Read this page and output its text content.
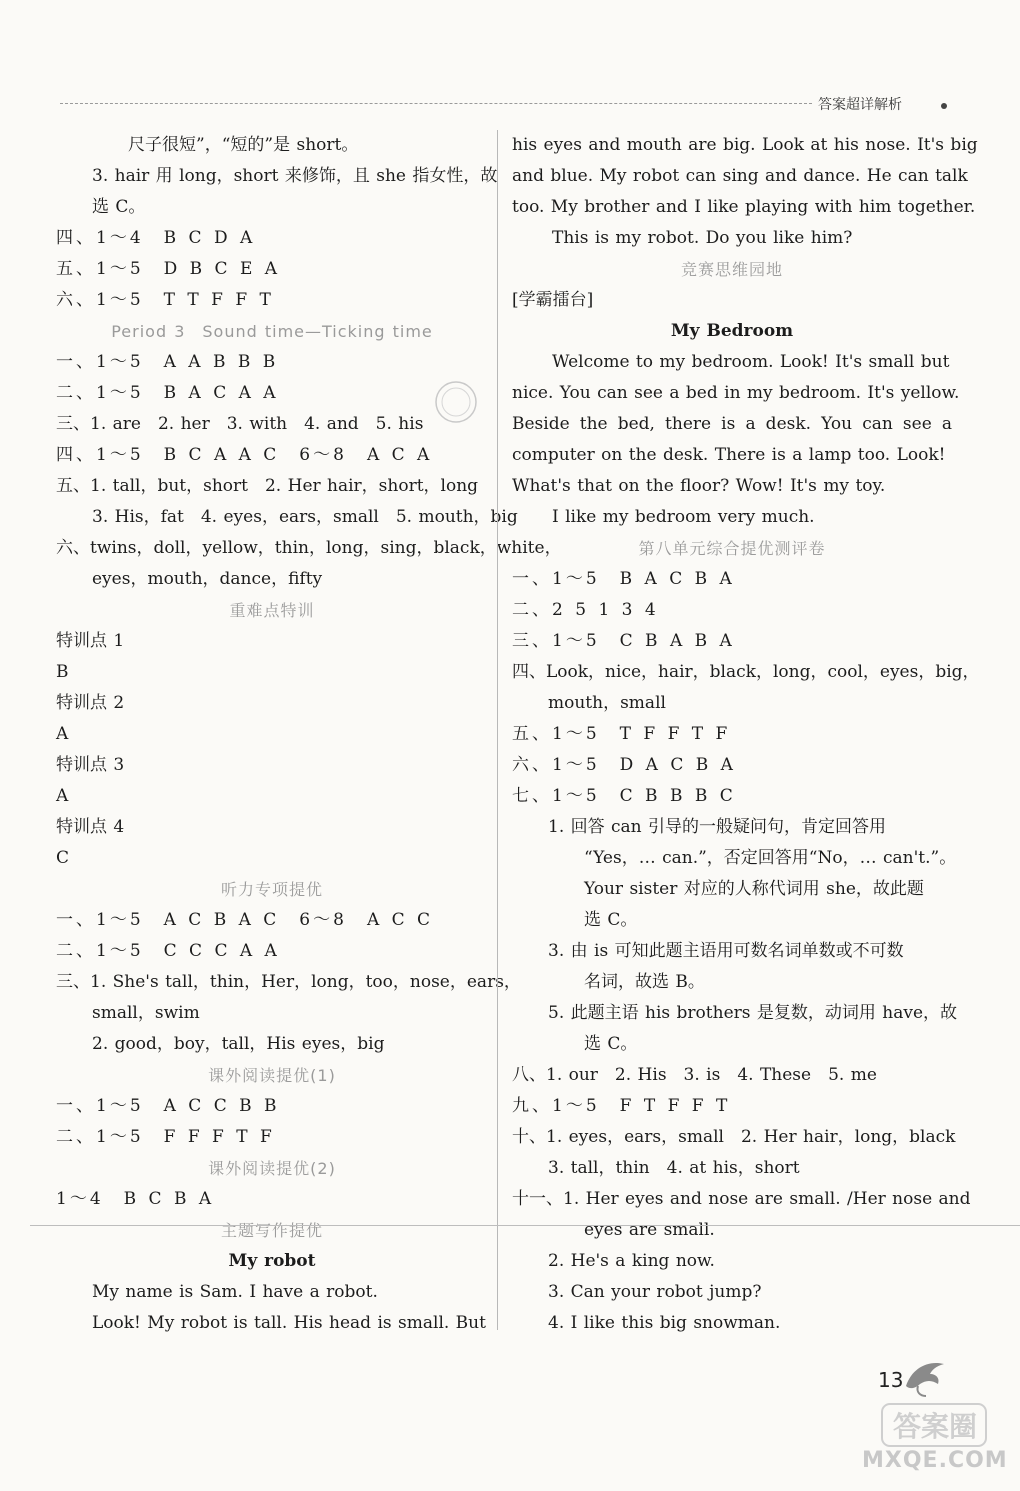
答案超详解析
尺子很短”，“短的”是 short。
3. hair 用 long，short 来修饰，且 she 指女性，故
选 C。
四、1～4　B C D A
五、1～5　D B C E A
六、1～5　T T F F T
Period 3　Sound time—Ticking time
一、1～5　A A B B B
二、1～5　B A C A A
三、1. are　2. her　3. with　4. and　5. his
四、1～5　B C A A C　6～8　A C A
五、1. tall，but，short　2. Her hair，short，long
3. His，fat　4. eyes，ears，small　5. mouth，big
六、twins，doll，yellow，thin，long，sing，black，white，
eyes，mouth，dance，fifty
重难点特训
特训点 1
B
特训点 2
A
特训点 3
A
特训点 4
C
听力专项提优
一、1～5　A C B A C　6～8　A C C
二、1～5　C C C A A
三、1. She's tall，thin，Her，long，too，nose，ears，
small，swim
2. good，boy，tall，His eyes，big
课外阅读提优(1)
一、1～5　A C C B B
二、1～5　F F F T F
课外阅读提优(2)
1～4　B C B A
主题写作提优
My robot
My name is Sam. I have a robot.
Look! My robot is tall. His head is small. But
his eyes and mouth are big. Look at his nose. It's big
and blue. My robot can sing and dance. He can talk
too. My brother and I like playing with him together.
This is my robot. Do you like him?
竞赛思维园地
[学霸擂台]
My Bedroom
Welcome to my bedroom. Look! It's small but
nice. You can see a bed in my bedroom. It's yellow.
Beside the bed, there is a desk. You can see a
computer on the desk. There is a lamp too. Look!
What's that on the floor? Wow! It's my toy.
I like my bedroom very much.
第八单元综合提优测评卷
一、1～5　B A C B A
二、2 5 1 3 4
三、1～5　C B A B A
四、Look，nice，hair，black，long，cool，eyes，big，
mouth，small
五、1～5　T F F T F
六、1～5　D A C B A
七、1～5　C B B B C
1. 回答 can 引导的一般疑问句，肯定回答用
“Yes，… can.”，否定回答用“No，… can't.”。
Your sister 对应的人称代词用 she，故此题
选 C。
3. 由 is 可知此题主语用可数名词单数或不可数
名词，故选 B。
5. 此题主语 his brothers 是复数，动词用 have，故
选 C。
八、1. our　2. His　3. is　4. These　5. me
九、1～5　F T F F T
十、1. eyes，ears，small　2. Her hair，long，black
3. tall，thin　4. at his，short
十一、1. Her eyes and nose are small. /Her nose and
eyes are small.
2. He's a king now.
3. Can your robot jump?
4. I like this big snowman.
13
答案圈
MXQE.COM
